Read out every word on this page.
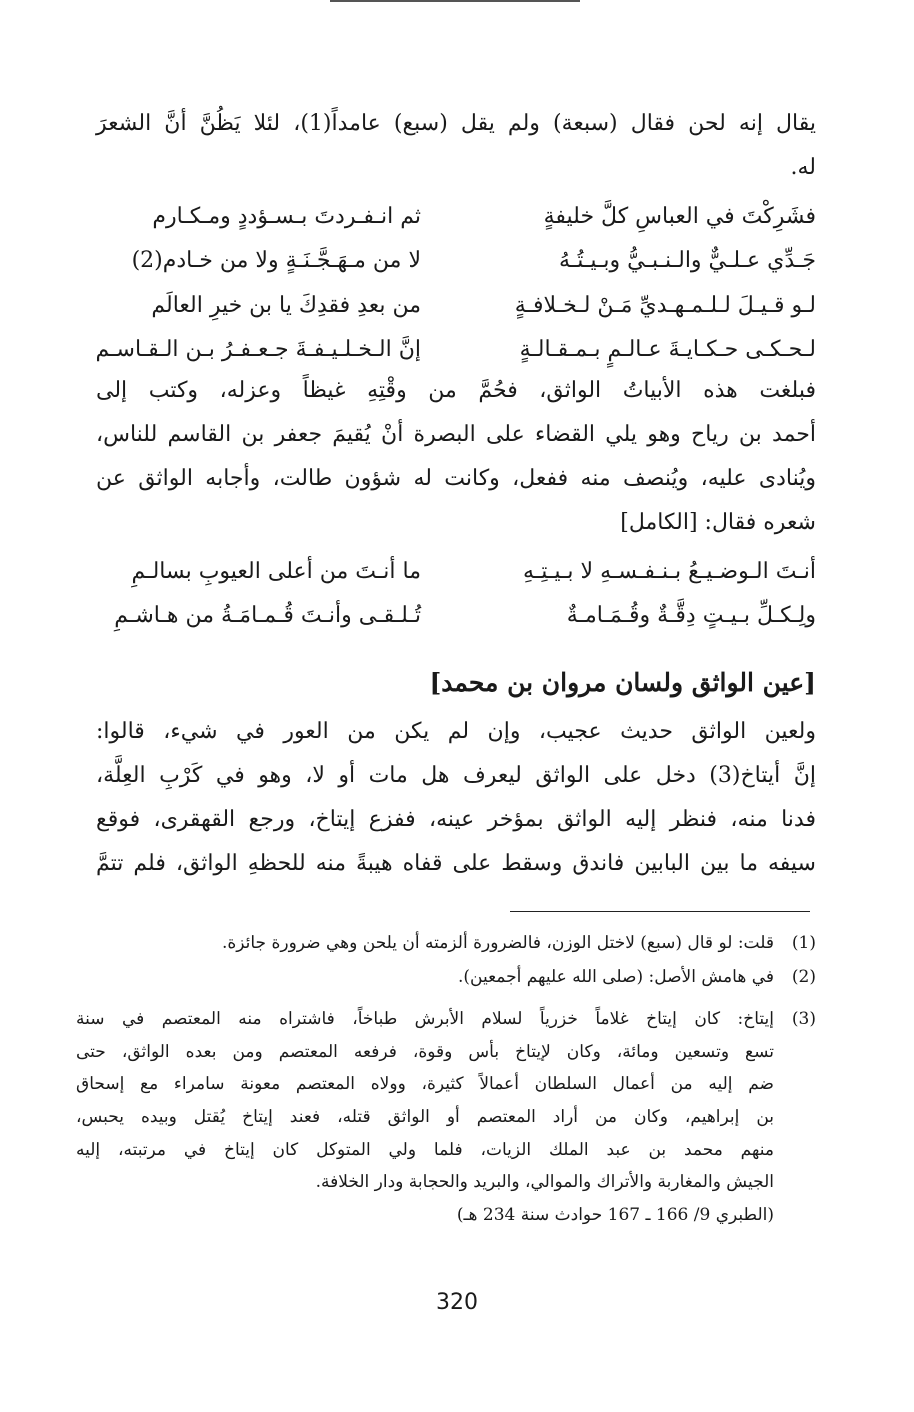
يقال إنه لحن فقال (سبعة) ولم يقل (سبع) عامداً(1)، لئلا يَظُنَّ أنَّ الشعرَ
له.
فشَرِكْتَ في العباسِ كلَّ خليفةٍ
ثم انـفـردتَ بـسـؤددٍ ومـكـارم
جَـدِّي عـلـيٌّ والـنـبـيُّ وبـيـتُـهُ
لا من مـهَـجَّـنَـةٍ ولا من خـادم(2)
لـو قـيـلَ لـلـمـهـديِّ مَـنْ لـخـلافـةٍ
من بعدِ فقدِكَ يا بن خيرِ العالَم
لـحـكـى حـكـايـةَ عـالـمٍ بـمـقـالـةٍ
إنَّ الـخـلـيـفـةَ جـعـفـرُ بـن الـقـاسـم
فبلغت هذه الأبياتُ الواثق، فحُمَّ من وقْتِهِ غيظاً وعزله، وكتب إلى
أحمد بن رياح وهو يلي القضاء على البصرة أنْ يُقيمَ جعفر بن القاسم للناس،
ويُنادى عليه، ويُنصف منه ففعل، وكانت له شؤون طالت، وأجابه الواثق عن
شعره فقال: [الكامل]
أنـتَ الـوضـيـعُ بـنـفـسـهِ لا بـيـتِـهِ
ما أنـتَ من أعلى العيوبِ بسالـمِ
ولِـكـلِّ بـيـتٍ دِقَّـةٌ وقُـمَـامـةٌ
تُـلـقـى وأنـتَ قُـمـامَـةُ من هـاشـمِ
[عين الواثق ولسان مروان بن محمد]
ولعين الواثق حديث عجيب، وإن لم يكن من العور في شيء، قالوا:
إنَّ أيتاخ(3) دخل على الواثق ليعرف هل مات أو لا، وهو في كَرْبِ العِلَّة،
فدنا منه، فنظر إليه الواثق بمؤخر عينه، ففزع إيتاخ، ورجع القهقرى، فوقع
سيفه ما بين البابين فاندق وسقط على قفاه هيبةً منه للحظهِ الواثق، فلم تتمَّ
(1)
قلت: لو قال (سبع) لاختل الوزن، فالضرورة ألزمته أن يلحن وهي ضرورة جائزة.
(2)
في هامش الأصل: (صلى الله عليهم أجمعين).
(3)
إيتاخ: كان إيتاخ غلاماً خزرياً لسلام الأبرش طباخاً، فاشتراه منه المعتصم في سنة
تسع وتسعين ومائة، وكان لإيتاخ بأس وقوة، فرفعه المعتصم ومن بعده الواثق، حتى
ضم إليه من أعمال السلطان أعمالاً كثيرة، وولاه المعتصم معونة سامراء مع إسحاق
بن إبراهيم، وكان من أراد المعتصم أو الواثق قتله، فعند إيتاخ يُقتل وبيده يحبس،
منهم محمد بن عبد الملك الزيات، فلما ولي المتوكل كان إيتاخ في مرتبته، إليه
الجيش والمغاربة والأتراك والموالي، والبريد والحجابة ودار الخلافة.
(الطبري 9/ 166 ـ 167 حوادث سنة 234 هـ)
320
